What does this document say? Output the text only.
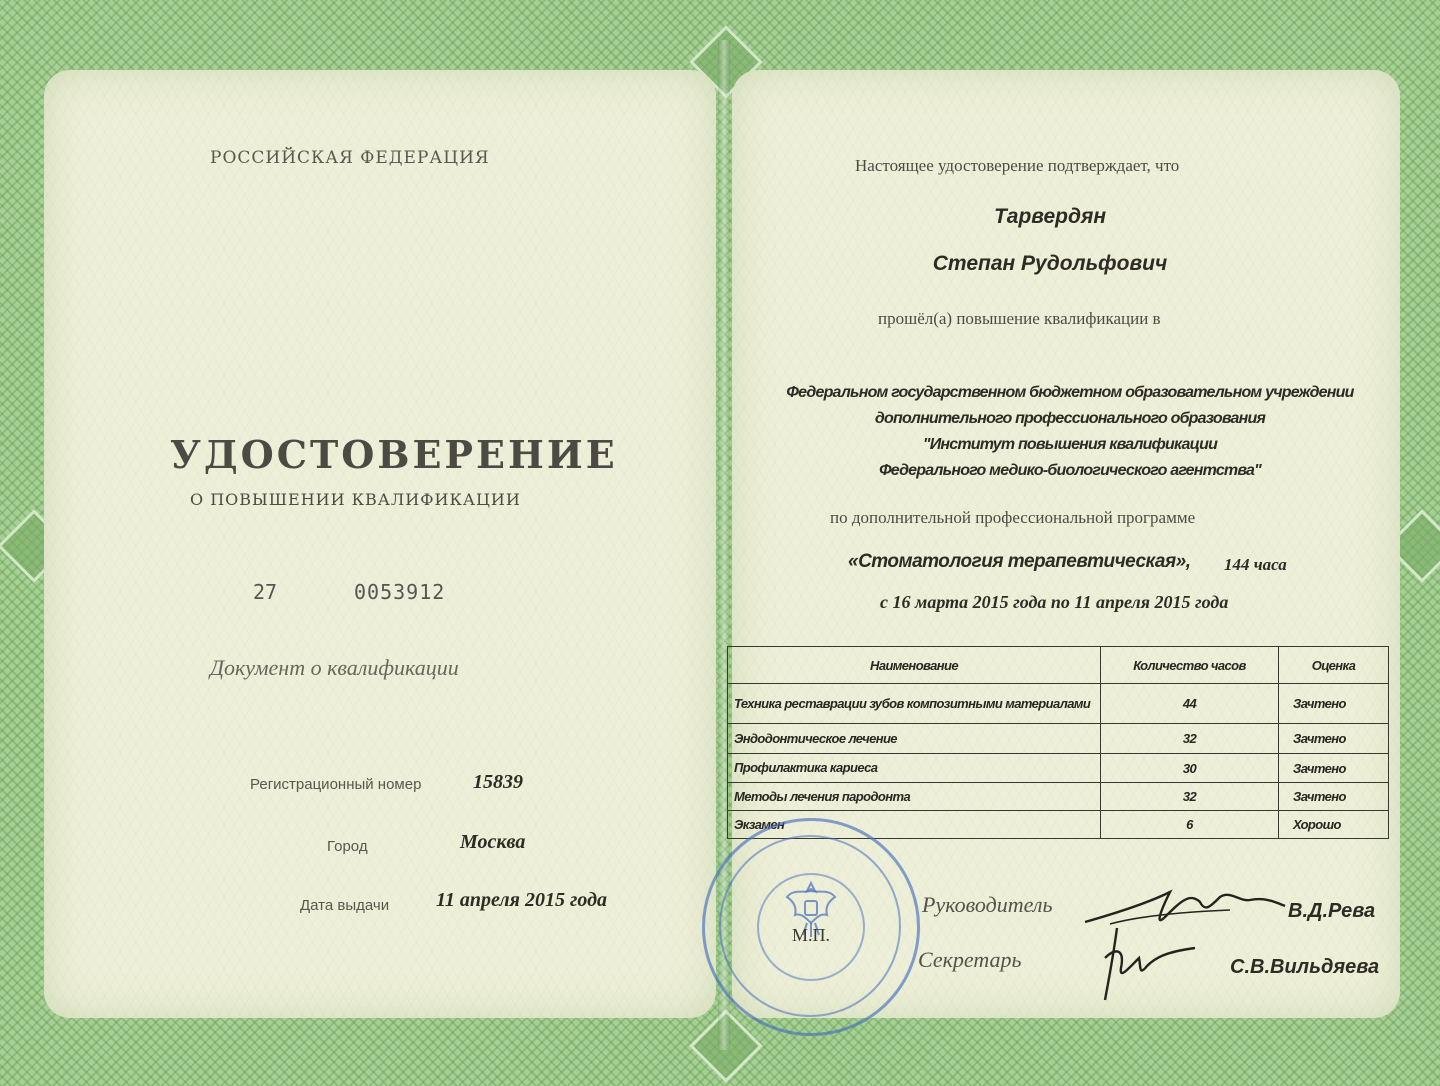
РОССИЙСКАЯ ФЕДЕРАЦИЯ
УДОСТОВЕРЕНИЕ
О ПОВЫШЕНИИ КВАЛИФИКАЦИИ
27	0053912
Документ о квалификации
Регистрационный номер	15839
Город	Москва
Дата выдачи 11 апреля 2015 года
Настоящее удостоверение подтверждает, что
Тарвердян
Степан Рудольфович
прошёл(а) повышение квалификации в
Федеральном государственном бюджетном образовательном учреждении
дополнительного профессионального образования
"Институт повышения квалификации
Федерального медико-биологического агентства"
по дополнительной профессиональной программе
«Стоматология терапевтическая», 144 часа
с 16 марта 2015 года по 11 апреля 2015 года
Наименование	Количество часов	Оценка
Техника реставрации зубов композитными материалами	44	Зачтено
Эндодонтическое лечение	32	Зачтено
Профилактика кариеса	30	Зачтено
Методы лечения пародонта	32	Зачтено
Экзамен	6	Хорошо
М.П.
Руководитель	В.Д.Рева
Секретарь	С.В.Вильдяева
